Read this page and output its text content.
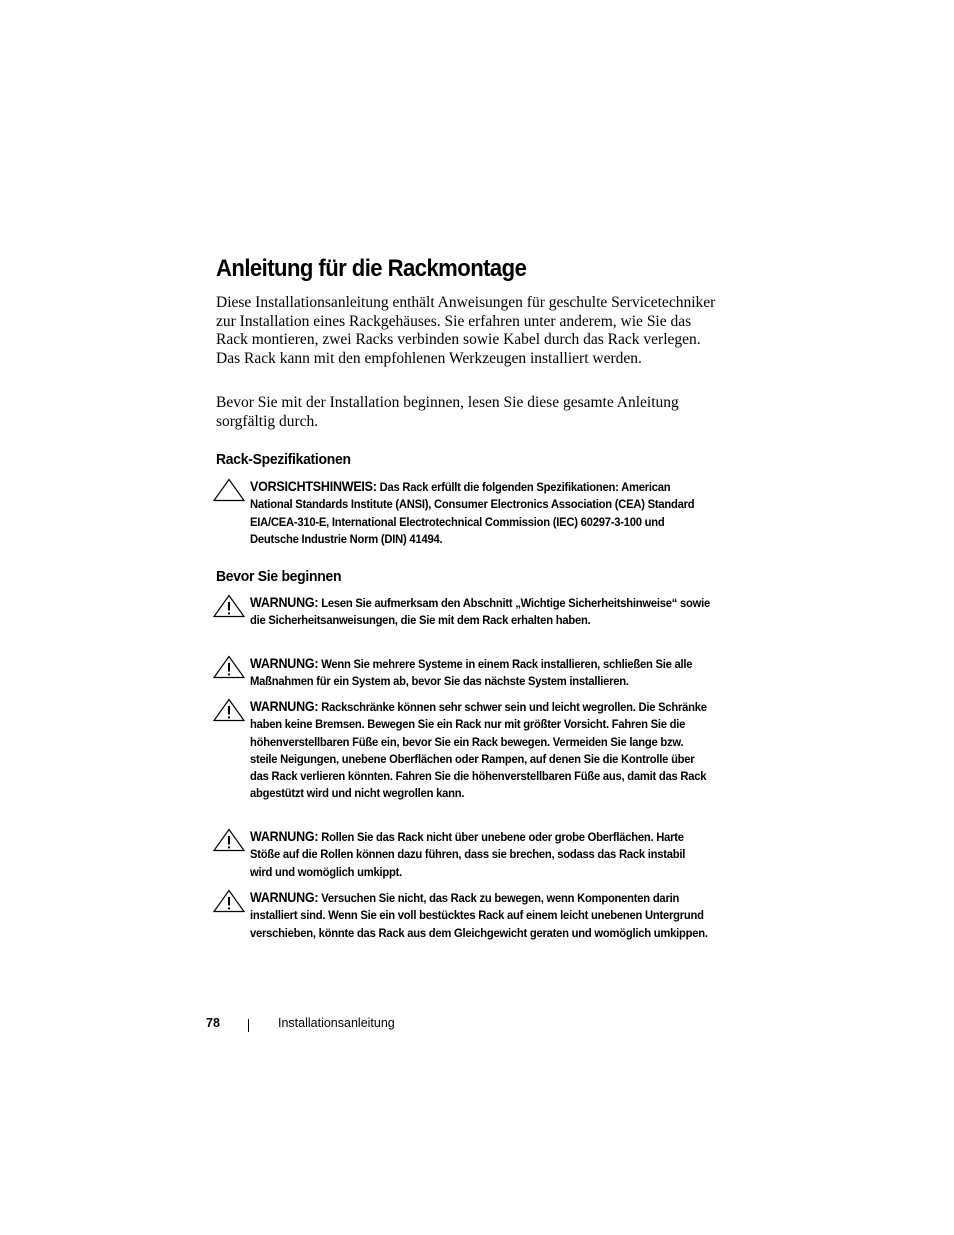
Anleitung für die Rackmontage

Diese Installationsanleitung enthält Anweisungen für geschulte Servicetechniker zur Installation eines Rackgehäuses. Sie erfahren unter anderem, wie Sie das Rack montieren, zwei Racks verbinden sowie Kabel durch das Rack verlegen. Das Rack kann mit den empfohlenen Werkzeugen installiert werden.

Bevor Sie mit der Installation beginnen, lesen Sie diese gesamte Anleitung sorgfältig durch.

Rack-Spezifikationen

VORSICHTSHINWEIS: Das Rack erfüllt die folgenden Spezifikationen: American National Standards Institute (ANSI), Consumer Electronics Association (CEA) Standard EIA/CEA-310-E, International Electrotechnical Commission (IEC) 60297-3-100 und Deutsche Industrie Norm (DIN) 41494.

Bevor Sie beginnen

WARNUNG: Lesen Sie aufmerksam den Abschnitt „Wichtige Sicherheitshinweise“ sowie die Sicherheitsanweisungen, die Sie mit dem Rack erhalten haben.

WARNUNG: Wenn Sie mehrere Systeme in einem Rack installieren, schließen Sie alle Maßnahmen für ein System ab, bevor Sie das nächste System installieren.

WARNUNG: Rackschränke können sehr schwer sein und leicht wegrollen. Die Schränke haben keine Bremsen. Bewegen Sie ein Rack nur mit größter Vorsicht. Fahren Sie die höhenverstellbaren Füße ein, bevor Sie ein Rack bewegen. Vermeiden Sie lange bzw. steile Neigungen, unebene Oberflächen oder Rampen, auf denen Sie die Kontrolle über das Rack verlieren könnten. Fahren Sie die höhenverstellbaren Füße aus, damit das Rack abgestützt wird und nicht wegrollen kann.

WARNUNG: Rollen Sie das Rack nicht über unebene oder grobe Oberflächen. Harte Stöße auf die Rollen können dazu führen, dass sie brechen, sodass das Rack instabil wird und womöglich umkippt.

WARNUNG: Versuchen Sie nicht, das Rack zu bewegen, wenn Komponenten darin installiert sind. Wenn Sie ein voll bestücktes Rack auf einem leicht unebenen Untergrund verschieben, könnte das Rack aus dem Gleichgewicht geraten und womöglich umkippen.

78	Installationsanleitung
